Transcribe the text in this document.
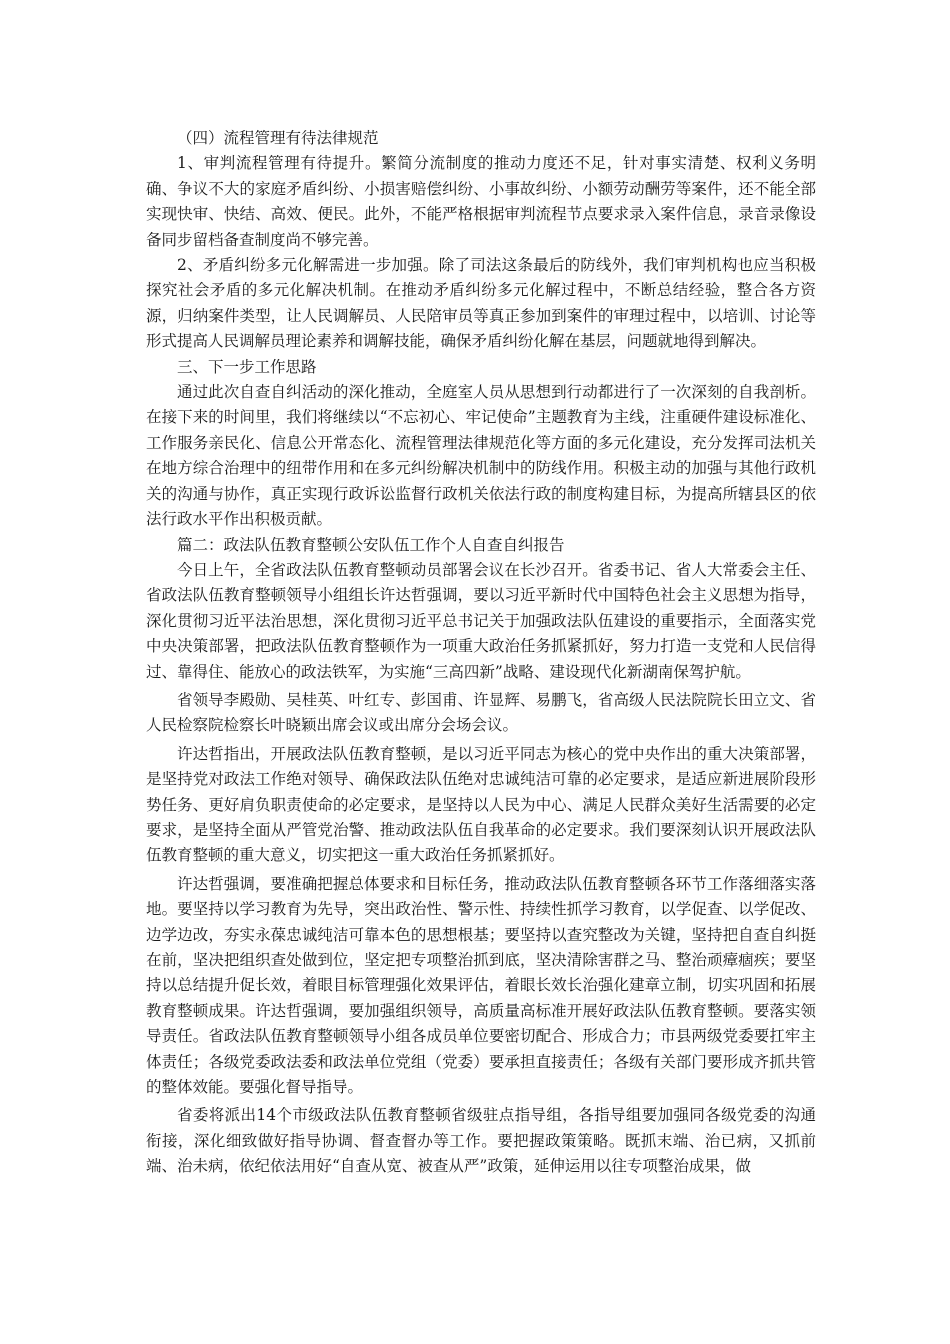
（四）流程管理有待法律规范

1、审判流程管理有待提升。繁简分流制度的推动力度还不足，针对事实清楚、权利义务明确、争议不大的家庭矛盾纠纷、小损害赔偿纠纷、小事故纠纷、小额劳动酬劳等案件，还不能全部实现快审、快结、高效、便民。此外，不能严格根据审判流程节点要求录入案件信息，录音录像设备同步留档备查制度尚不够完善。

2、矛盾纠纷多元化解需进一步加强。除了司法这条最后的防线外，我们审判机构也应当积极探究社会矛盾的多元化解决机制。在推动矛盾纠纷多元化解过程中，不断总结经验，整合各方资源，归纳案件类型，让人民调解员、人民陪审员等真正参加到案件的审理过程中，以培训、讨论等形式提高人民调解员理论素养和调解技能，确保矛盾纠纷化解在基层，问题就地得到解决。

三、下一步工作思路

通过此次自查自纠活动的深化推动，全庭室人员从思想到行动都进行了一次深刻的自我剖析。在接下来的时间里，我们将继续以“不忘初心、牢记使命”主题教育为主线，注重硬件建设标准化、工作服务亲民化、信息公开常态化、流程管理法律规范化等方面的多元化建设，充分发挥司法机关在地方综合治理中的纽带作用和在多元纠纷解决机制中的防线作用。积极主动的加强与其他行政机关的沟通与协作，真正实现行政诉讼监督行政机关依法行政的制度构建目标，为提高所辖县区的依法行政水平作出积极贡献。

篇二：政法队伍教育整顿公安队伍工作个人自查自纠报告

今日上午，全省政法队伍教育整顿动员部署会议在长沙召开。省委书记、省人大常委会主任、省政法队伍教育整顿领导小组组长许达哲强调，要以习近平新时代中国特色社会主义思想为指导，深化贯彻习近平法治思想，深化贯彻习近平总书记关于加强政法队伍建设的重要指示，全面落实党中央决策部署，把政法队伍教育整顿作为一项重大政治任务抓紧抓好，努力打造一支党和人民信得过、靠得住、能放心的政法铁军，为实施“三高四新”战略、建设现代化新湖南保驾护航。

省领导李殿勋、吴桂英、叶红专、彭国甫、许显辉、易鹏飞，省高级人民法院院长田立文、省人民检察院检察长叶晓颖出席会议或出席分会场会议。

许达哲指出，开展政法队伍教育整顿，是以习近平同志为核心的党中央作出的重大决策部署，是坚持党对政法工作绝对领导、确保政法队伍绝对忠诚纯洁可靠的必定要求，是适应新进展阶段形势任务、更好肩负职责使命的必定要求，是坚持以人民为中心、满足人民群众美好生活需要的必定要求，是坚持全面从严管党治警、推动政法队伍自我革命的必定要求。我们要深刻认识开展政法队伍教育整顿的重大意义，切实把这一重大政治任务抓紧抓好。

许达哲强调，要准确把握总体要求和目标任务，推动政法队伍教育整顿各环节工作落细落实落地。要坚持以学习教育为先导，突出政治性、警示性、持续性抓学习教育，以学促查、以学促改、边学边改，夯实永葆忠诚纯洁可靠本色的思想根基；要坚持以查究整改为关键，坚持把自查自纠挺在前，坚决把组织查处做到位，坚定把专项整治抓到底，坚决清除害群之马、整治顽瘴痼疾；要坚持以总结提升促长效，着眼目标管理强化效果评估，着眼长效长治强化建章立制，切实巩固和拓展教育整顿成果。许达哲强调，要加强组织领导，高质量高标准开展好政法队伍教育整顿。要落实领导责任。省政法队伍教育整顿领导小组各成员单位要密切配合、形成合力；市县两级党委要扛牢主体责任；各级党委政法委和政法单位党组（党委）要承担直接责任；各级有关部门要形成齐抓共管的整体效能。要强化督导指导。

省委将派出14个市级政法队伍教育整顿省级驻点指导组，各指导组要加强同各级党委的沟通衔接，深化细致做好指导协调、督查督办等工作。要把握政策策略。既抓末端、治已病，又抓前端、治未病，依纪依法用好“自查从宽、被查从严”政策，延伸运用以往专项整治成果，做
